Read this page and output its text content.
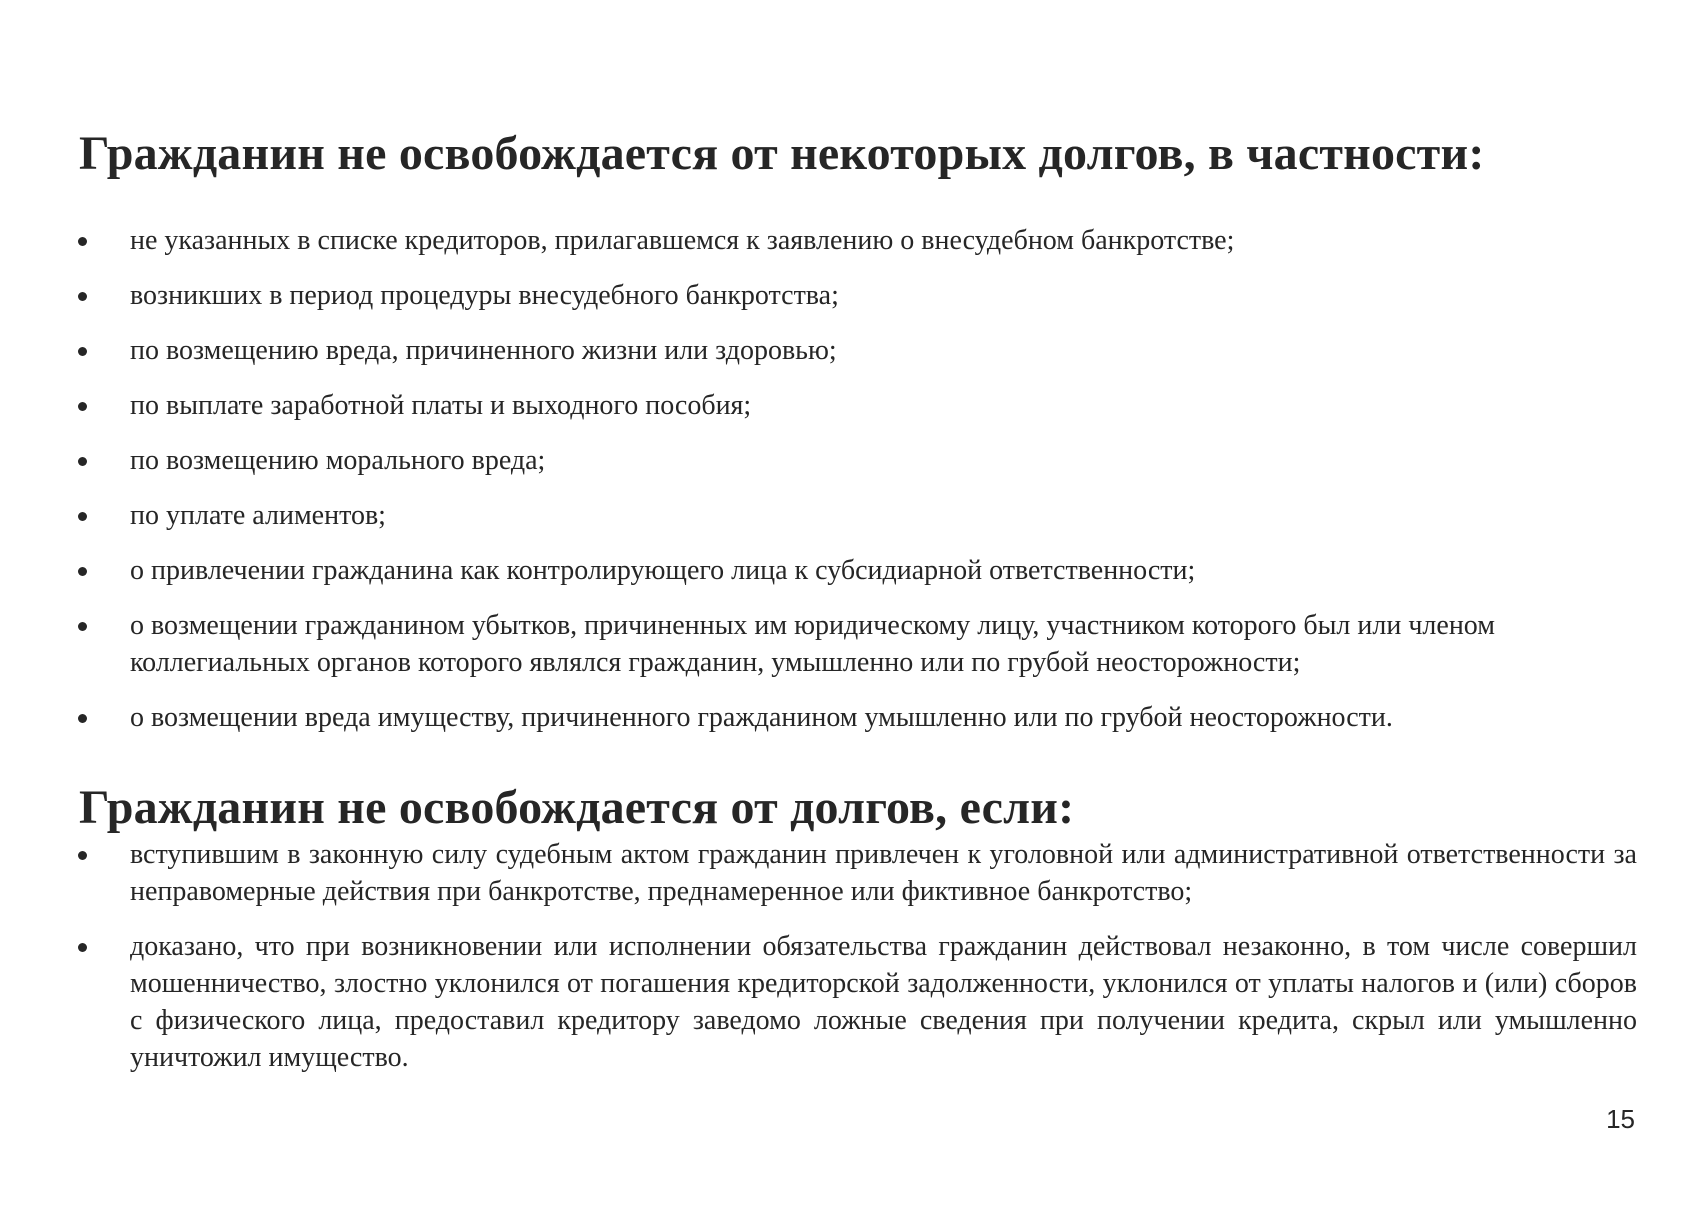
Гражданин не освобождается от некоторых долгов, в частности:
не указанных в списке кредиторов, прилагавшемся к заявлению о внесудебном банкротстве;
возникших в период процедуры внесудебного банкротства;
по возмещению вреда, причиненного жизни или здоровью;
по выплате заработной платы и выходного пособия;
по возмещению морального вреда;
по уплате алиментов;
о привлечении гражданина как контролирующего лица к субсидиарной ответственности;
о возмещении гражданином убытков, причиненных им юридическому лицу, участником которого был или членом коллегиальных органов которого являлся гражданин, умышленно или по грубой неосторожности;
о возмещении вреда имуществу, причиненного гражданином умышленно или по грубой неосторожности.
Гражданин не освобождается от долгов, если:
вступившим в законную силу судебным актом гражданин привлечен к уголовной или административной ответственности за неправомерные действия при банкротстве, преднамеренное или фиктивное банкротство;
доказано, что при возникновении или исполнении обязательства гражданин действовал незаконно, в том числе совершил мошенничество, злостно уклонился от погашения кредиторской задолженности, уклонился от уплаты налогов и (или) сборов с физического лица, предоставил кредитору заведомо ложные сведения при получении кредита, скрыл или умышленно уничтожил имущество.
15
